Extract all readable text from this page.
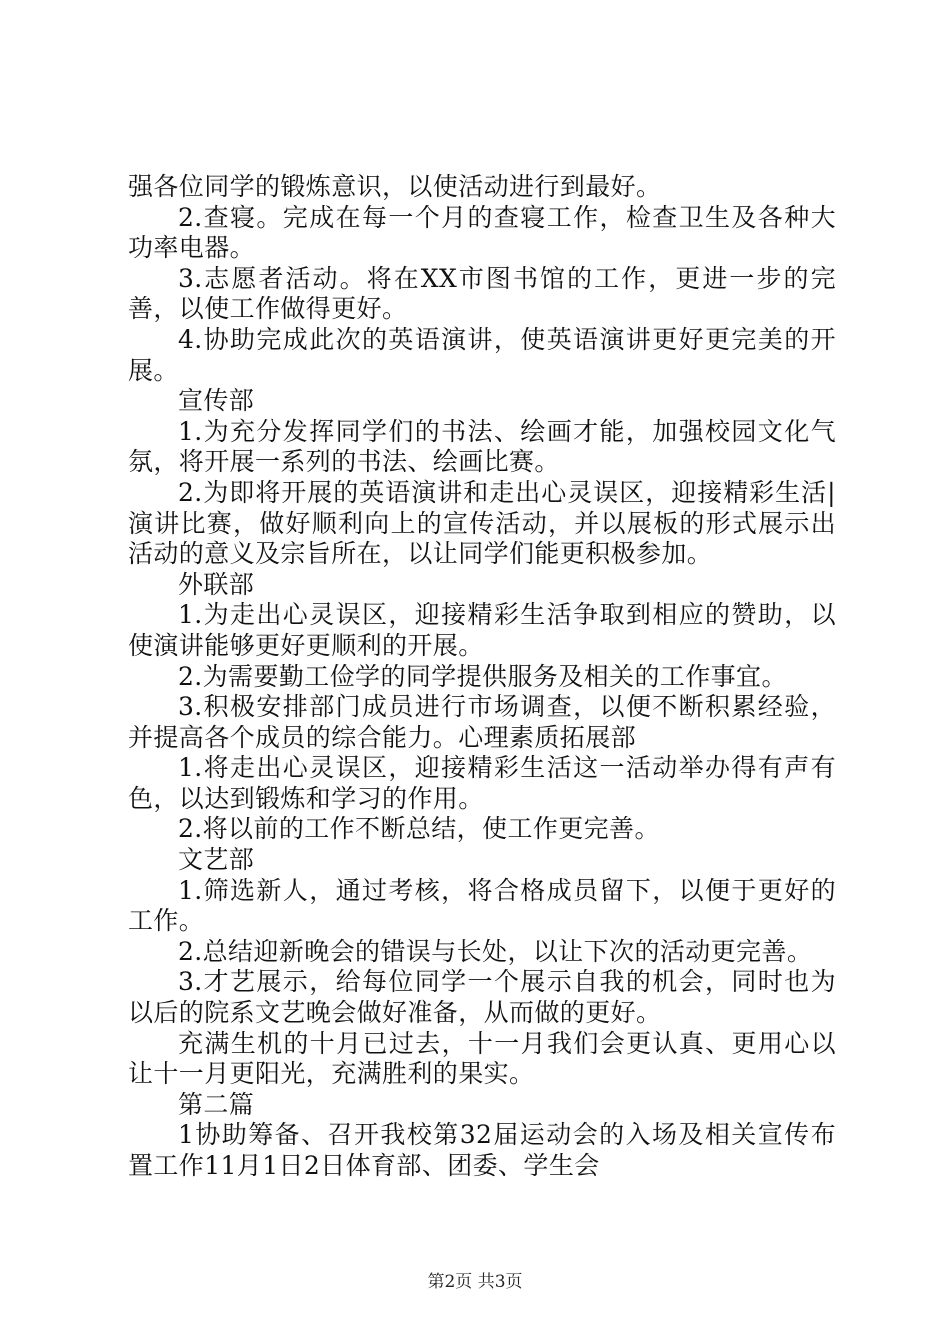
强各位同学的锻炼意识，以使活动进行到最好。

2.查寝。完成在每一个月的查寝工作，检查卫生及各种大功率电器。

3.志愿者活动。将在XX市图书馆的工作，更进一步的完善，以使工作做得更好。

4.协助完成此次的英语演讲，使英语演讲更好更完美的开展。

宣传部

1.为充分发挥同学们的书法、绘画才能，加强校园文化气氛，将开展一系列的书法、绘画比赛。

2.为即将开展的英语演讲和走出心灵误区，迎接精彩生活|演讲比赛，做好顺利向上的宣传活动，并以展板的形式展示出活动的意义及宗旨所在，以让同学们能更积极参加。

外联部

1.为走出心灵误区，迎接精彩生活争取到相应的赞助，以使演讲能够更好更顺利的开展。

2.为需要勤工俭学的同学提供服务及相关的工作事宜。

3.积极安排部门成员进行市场调查，以便不断积累经验，并提高各个成员的综合能力。心理素质拓展部

1.将走出心灵误区，迎接精彩生活这一活动举办得有声有色，以达到锻炼和学习的作用。

2.将以前的工作不断总结，使工作更完善。

文艺部

1.筛选新人，通过考核，将合格成员留下，以便于更好的工作。

2.总结迎新晚会的错误与长处，以让下次的活动更完善。

3.才艺展示，给每位同学一个展示自我的机会，同时也为以后的院系文艺晚会做好准备，从而做的更好。

充满生机的十月已过去，十一月我们会更认真、更用心以让十一月更阳光，充满胜利的果实。

第二篇

1协助筹备、召开我校第32届运动会的入场及相关宣传布置工作11月1日2日体育部、团委、学生会

第2页 共3页
